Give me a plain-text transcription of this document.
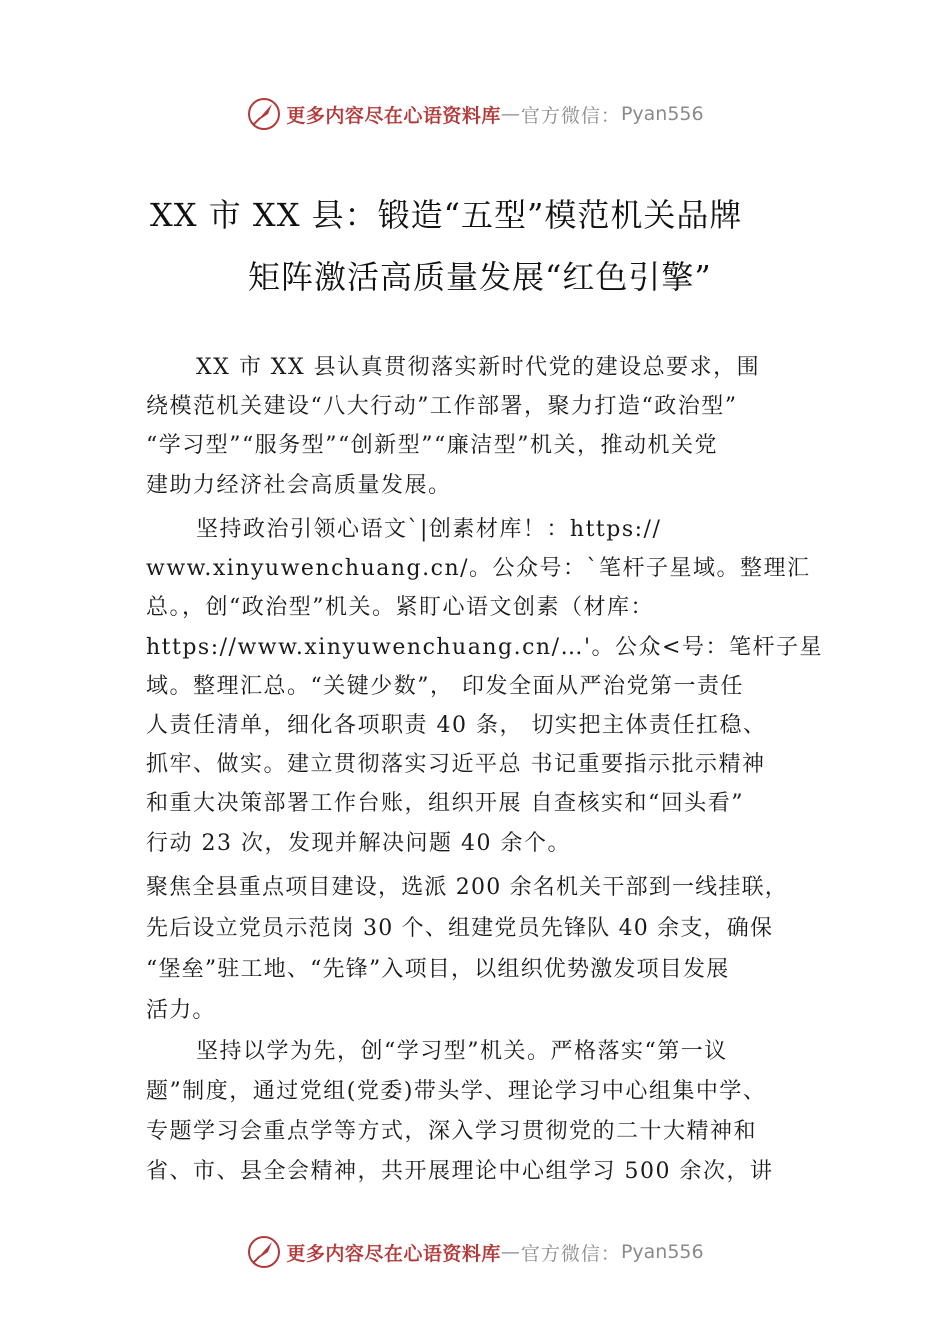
更多内容尽在心语资料库 — 官方微信： Pyan556
XX 市 XX 县：锻造“五型”模范机关品牌
矩阵激活高质量发展“红色引擎”
XX 市 XX 县认真贯彻落实新时代党的建设总要求，围
绕模范机关建设“八大行动”工作部署，聚力打造“政治型”
“学习型”“服务型”“创新型”“廉洁型”机关，推动机关党
建助力经济社会高质量发展。
坚持政治引领心语文`|创素材库！：https://
www.xinyuwenchuang.cn/。公众号：`笔杆子星域。整理汇
总。，创“政治型”机关。紧盯心语文创素（材库：
https://www.xinyuwenchuang.cn/…'。公众<号：笔杆子星
域。整理汇总。“关键少数”， 印发全面从严治党第一责任
人责任清单，细化各项职责 40 条， 切实把主体责任扛稳、
抓牢、做实。建立贯彻落实习近平总 书记重要指示批示精神
和重大决策部署工作台账，组织开展 自查核实和“回头看”
行动 23 次，发现并解决问题 40 余个。
聚焦全县重点项目建设，选派 200 余名机关干部到一线挂联，
先后设立党员示范岗 30 个、组建党员先锋队 40 余支，确保
“堡垒”驻工地、“先锋”入项目，以组织优势激发项目发展
活力。
坚持以学为先，创“学习型”机关。严格落实“第一议
题”制度，通过党组(党委)带头学、理论学习中心组集中学、
专题学习会重点学等方式，深入学习贯彻党的二十大精神和
省、市、县全会精神，共开展理论中心组学习 500 余次，讲
更多内容尽在心语资料库 — 官方微信： Pyan556
